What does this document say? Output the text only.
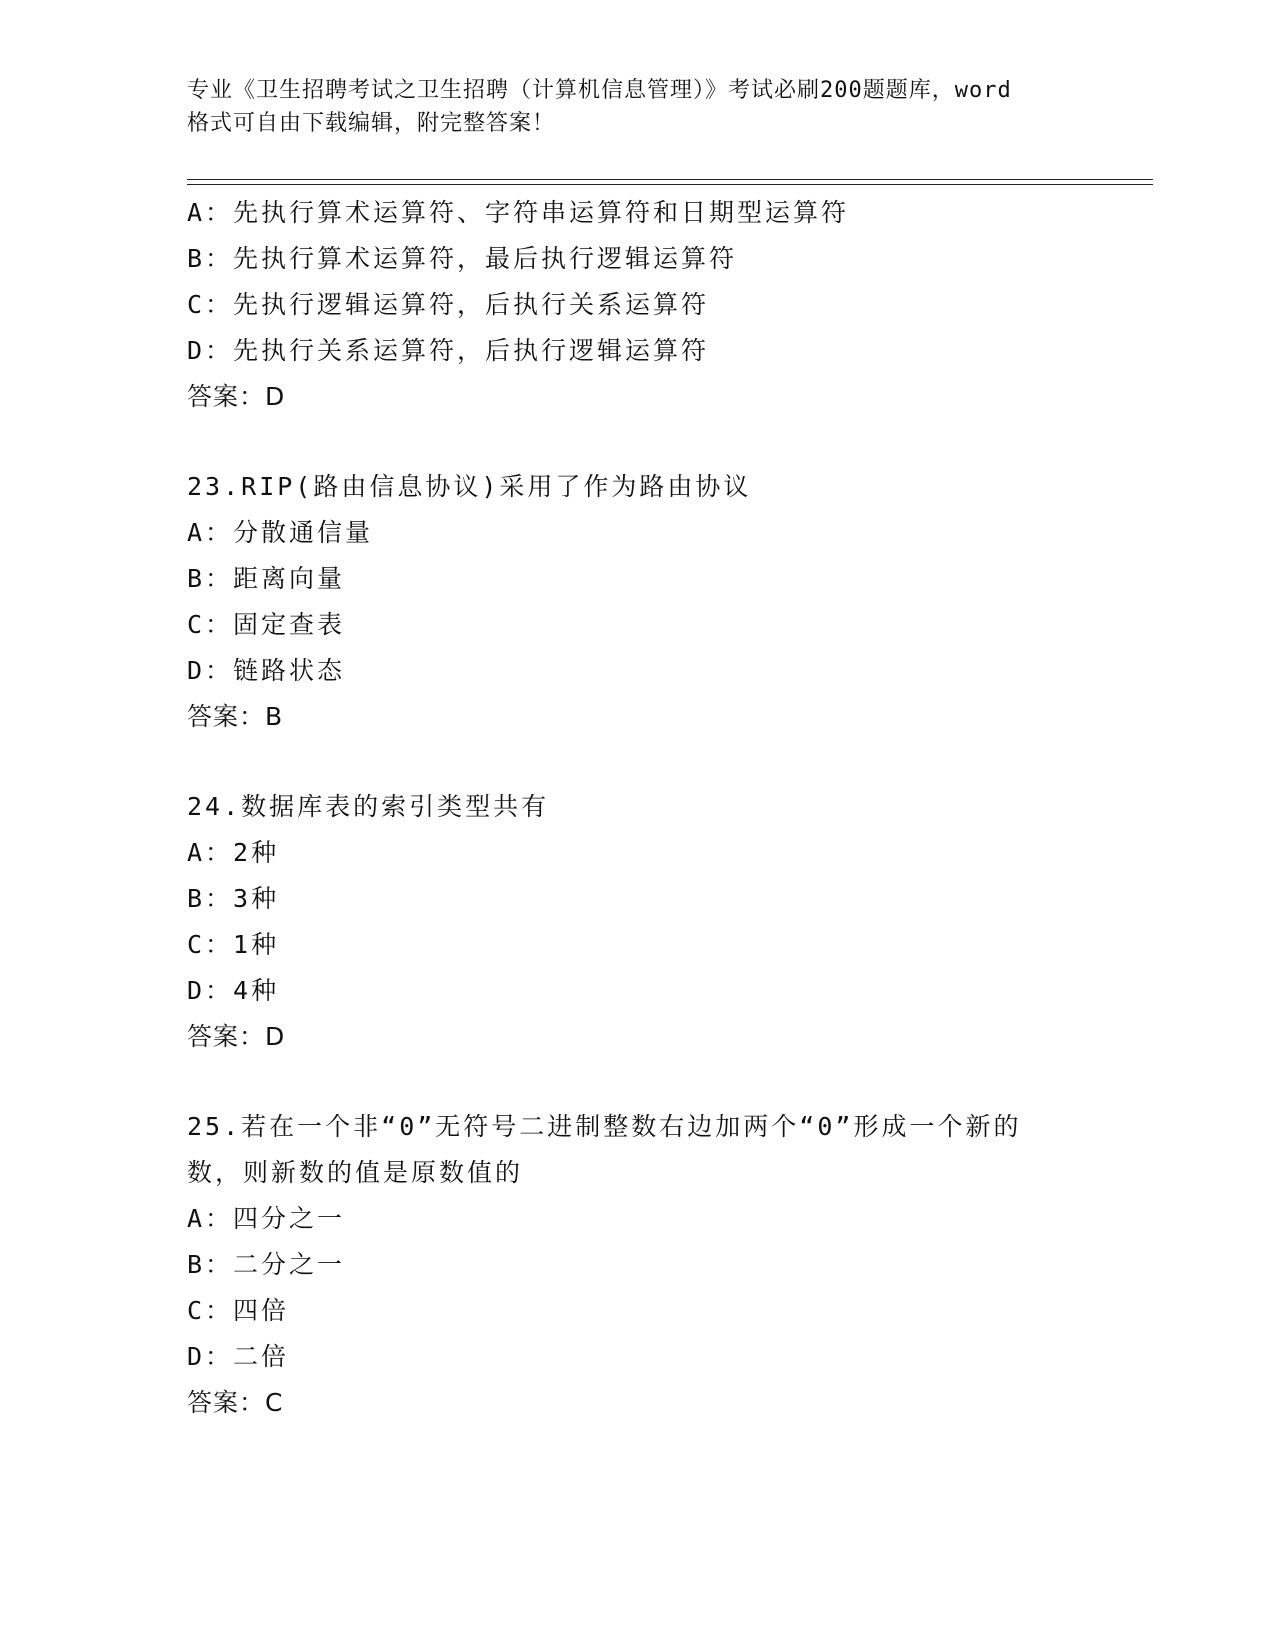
专业《卫生招聘考试之卫生招聘（计算机信息管理）》考试必刷200题题库，word
格式可自由下载编辑，附完整答案！
A：先执行算术运算符、字符串运算符和日期型运算符
B：先执行算术运算符，最后执行逻辑运算符
C：先执行逻辑运算符，后执行关系运算符
D：先执行关系运算符，后执行逻辑运算符
答案：D
23.RIP(路由信息协议)采用了作为路由协议
A：分散通信量
B：距离向量
C：固定查表
D：链路状态
答案：B
24.数据库表的索引类型共有
A：2种
B：3种
C：1种
D：4种
答案：D
25.若在一个非“0”无符号二进制整数右边加两个“0”形成一个新的
数，则新数的值是原数值的
A：四分之一
B：二分之一
C：四倍
D：二倍
答案：C
